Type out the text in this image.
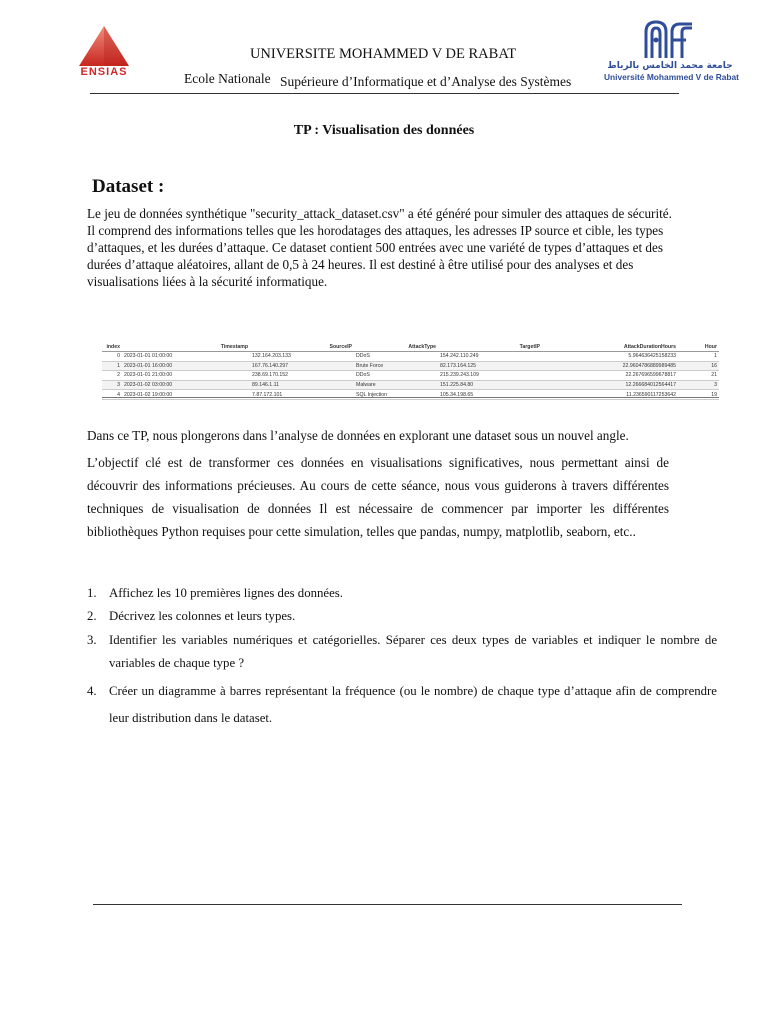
ENSIAS
UNIVERSITE MOHAMMED V DE RABAT
Ecole Nationale Supérieure d’Informatique et d’Analyse des Systèmes
جامعة محمد الخامس بالرباط
Université Mohammed V de Rabat
TP : Visualisation des données
Dataset :

Le jeu de données synthétique "security_attack_dataset.csv" a été généré pour simuler des attaques de sécurité. Il comprend des informations telles que les horodatages des attaques, les adresses IP source et cible, les types d’attaques, et les durées d’attaque. Ce dataset contient 500 entrées avec une variété de types d’attaques et des durées d’attaque aléatoires, allant de 0,5 à 24 heures. Il est destiné à être utilisé pour des analyses et des visualisations liées à la sécurité informatique.

index	Timestamp	SourceIP	AttackType	TargetIP	AttackDurationHours	Hour
0	2023-01-01 01:00:00	132.164.203.133	DDoS	154.242.110.249	5.964636425158233	1
1	2023-01-01 16:00:00	167.76.140.297	Brute Force	82.173.164.125	22.9604786889989485	16
2	2023-01-01 21:00:00	238.69.170.152	DDoS	215.239.243.109	22.267696599678817	21
3	2023-01-02 03:00:00	89.146.1.11	Malware	151.225.84.80	12.266684012564417	3
4	2023-01-02 19:00:00	7.87.172.101	SQL Injection	105.34.198.65	11.236590117253642	19

Dans ce TP, nous plongerons dans l’analyse de données en explorant une dataset sous un nouvel angle.

L’objectif clé est de transformer ces données en visualisations significatives, nous permettant ainsi de découvrir des informations précieuses. Au cours de cette séance, nous vous guiderons à travers différentes techniques de visualisation de données Il est nécessaire de commencer par importer les différentes bibliothèques Python requises pour cette simulation, telles que pandas, numpy, matplotlib, seaborn, etc..

1. Affichez les 10 premières lignes des données.
2. Décrivez les colonnes et leurs types.
3. Identifier les variables numériques et catégorielles. Séparer ces deux types de variables et indiquer le nombre de variables de chaque type ?
4. Créer un diagramme à barres représentant la fréquence (ou le nombre) de chaque type d’attaque afin de comprendre leur distribution dans le dataset.
